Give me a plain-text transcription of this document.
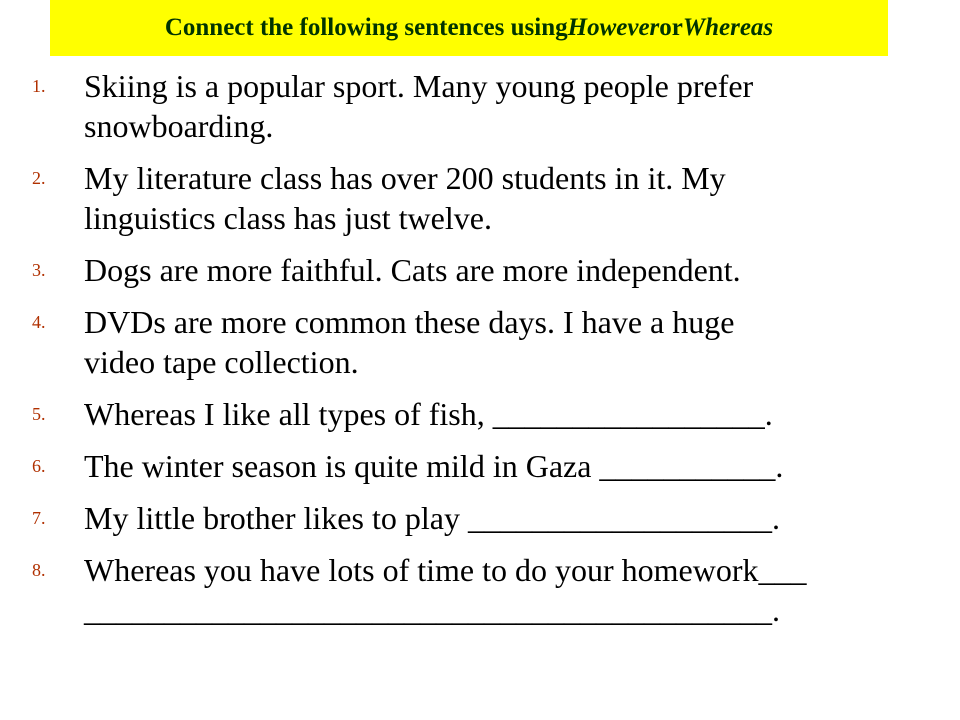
Connect the following sentences using However or Whereas
1. Skiing is a popular sport. Many young people prefer
snowboarding.
2. My literature class has over 200 students in it. My
linguistics class has just twelve.
3. Dogs are more faithful. Cats are more independent.
4. DVDs are more common these days. I have a huge
video tape collection.
5. Whereas I like all types of fish, _________________.
6. The winter season is quite mild in Gaza ___________.
7. My little brother likes to play ___________________.
8. Whereas you have lots of time to do your homework___
___________________________________________.
